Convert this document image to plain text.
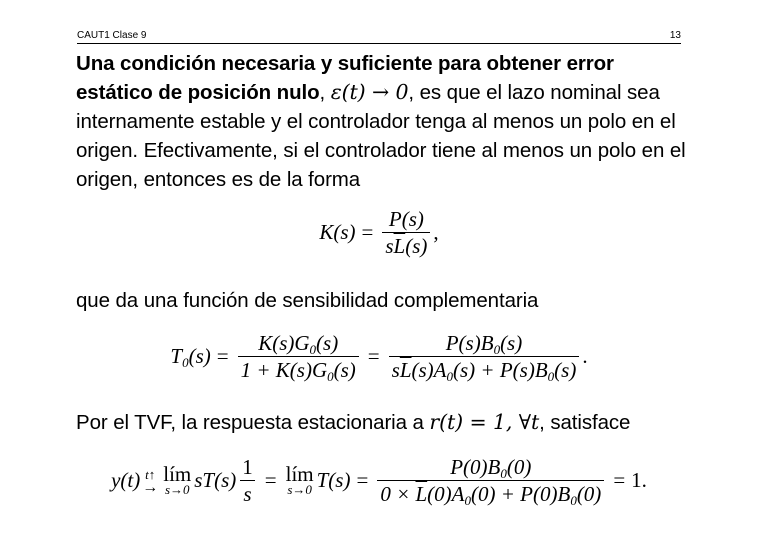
CAUT1 Clase 9	13
Una condición necesaria y suficiente para obtener error estático de posición nulo, ε(t) → 0, es que el lazo nominal sea internamente estable y el controlador tenga al menos un polo en el origen. Efectivamente, si el controlador tiene al menos un polo en el origen, entonces es de la forma
$K(s) = \frac{P(s)}{s\overline{L}(s)}$ ,
que da una función de sensibilidad complementaria
$T_0(s) = \frac{K(s)G_0(s)}{1 + K(s)G_0(s)} = \frac{P(s)B_0(s)}{s\overline{L}(s)A_0(s) + P(s)B_0(s)}$ .
Por el TVF, la respuesta estacionaria a r(t) = 1, ∀t, satisface
y(t) t↑
→
lím
s→0 $sT(s) \frac{1}{s}$ = lím
s→0 $T(s) = \frac{P(0)B_0(0)}{0 \times \overline{L}(0)A_0(0) + P(0)B_0(0)} = 1$.
